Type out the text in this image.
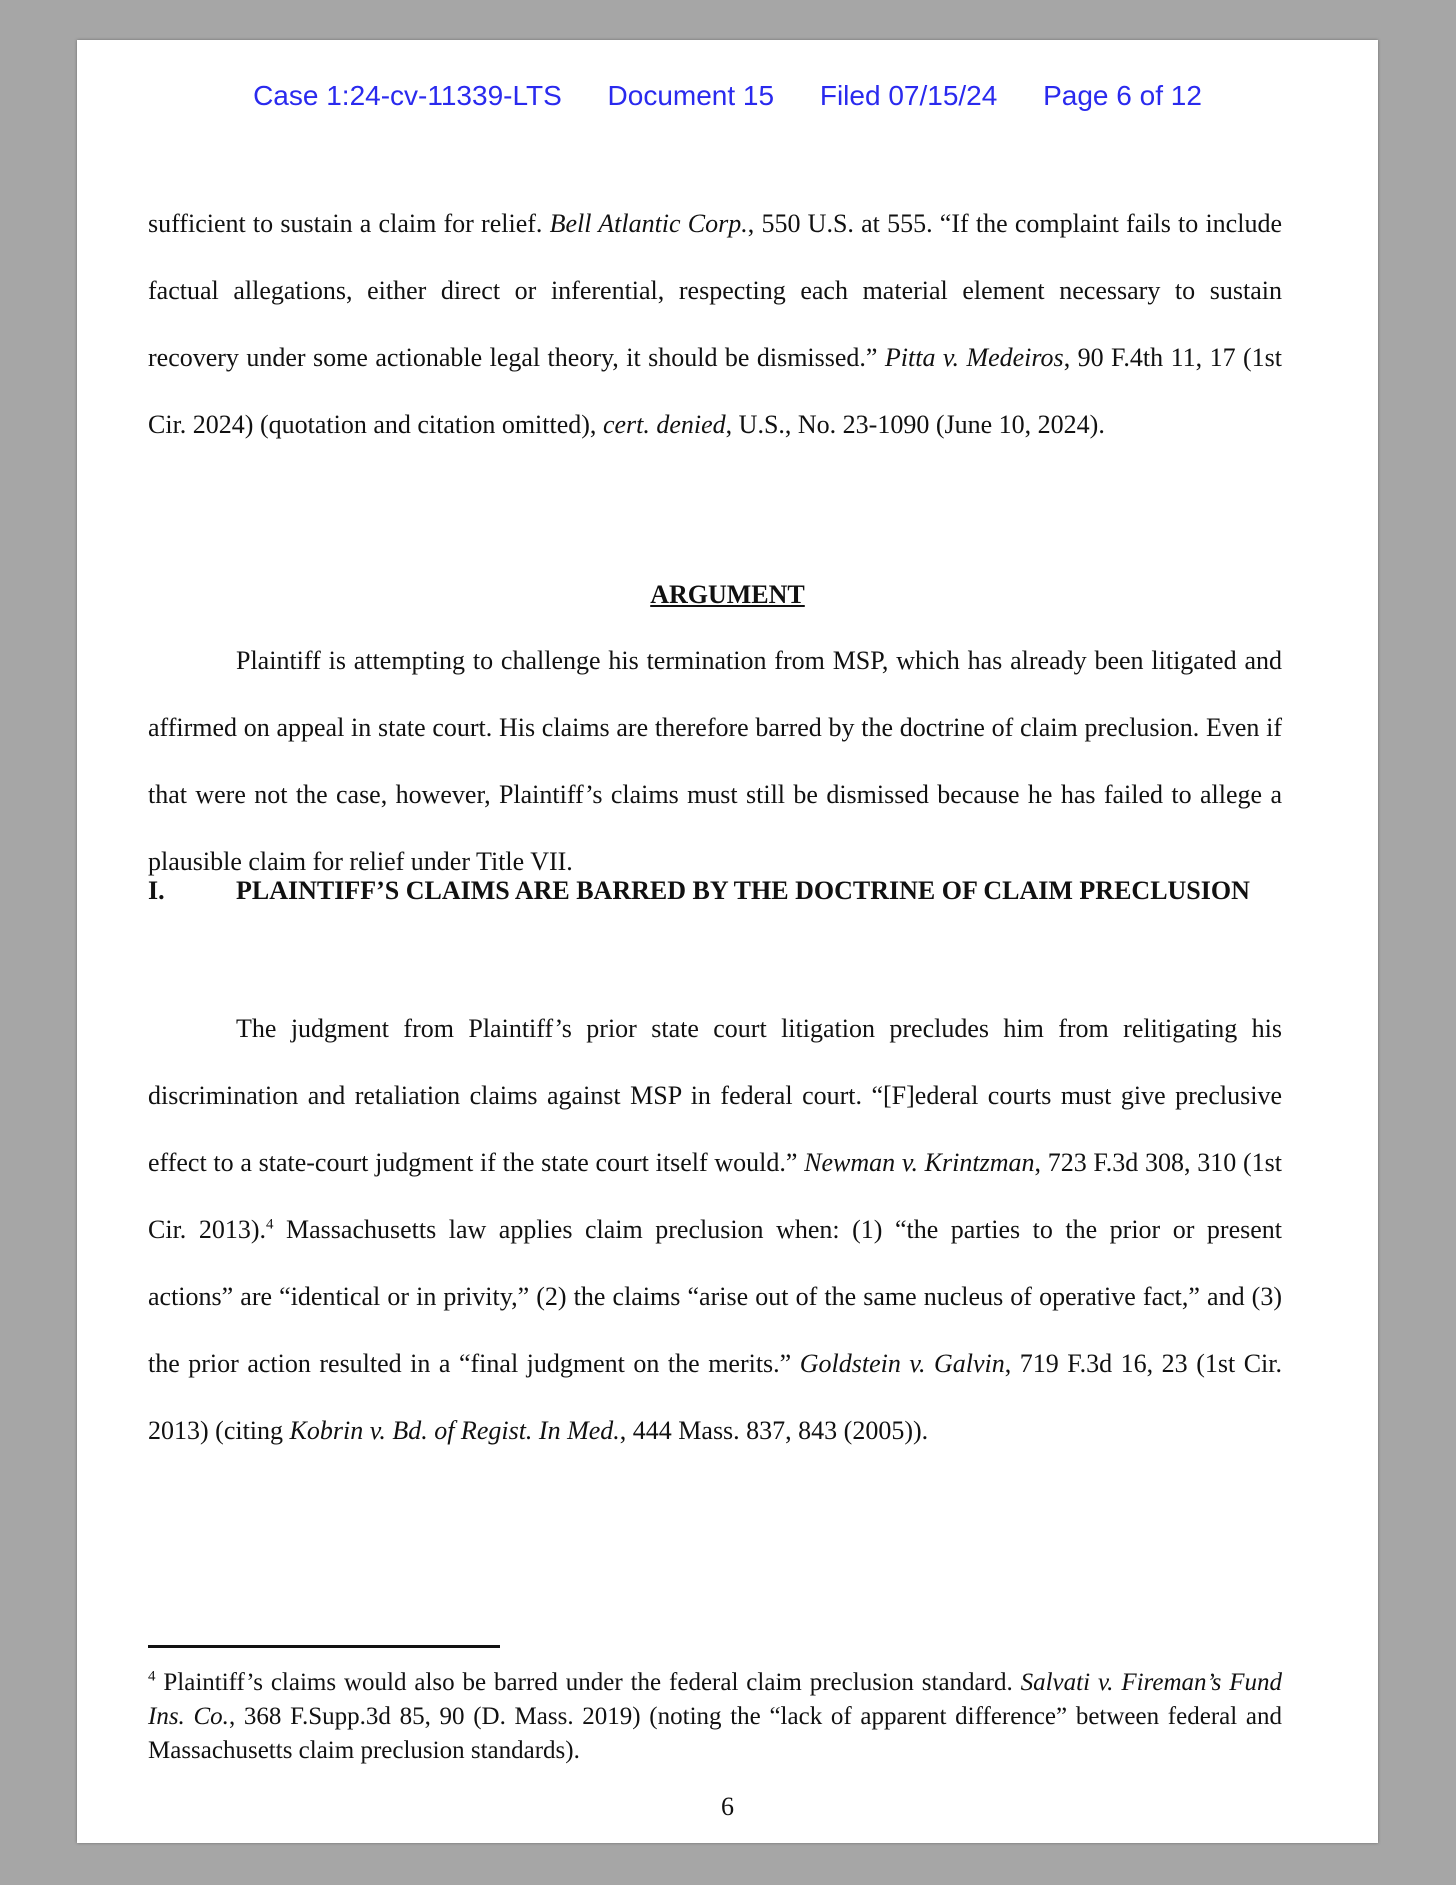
Case 1:24-cv-11339-LTS Document 15 Filed 07/15/24 Page 6 of 12
sufficient to sustain a claim for relief. Bell Atlantic Corp., 550 U.S. at 555. “If the complaint fails to include factual allegations, either direct or inferential, respecting each material element necessary to sustain recovery under some actionable legal theory, it should be dismissed.” Pitta v. Medeiros, 90 F.4th 11, 17 (1st Cir. 2024) (quotation and citation omitted), cert. denied, U.S., No. 23-1090 (June 10, 2024).
ARGUMENT
Plaintiff is attempting to challenge his termination from MSP, which has already been litigated and affirmed on appeal in state court. His claims are therefore barred by the doctrine of claim preclusion. Even if that were not the case, however, Plaintiff’s claims must still be dismissed because he has failed to allege a plausible claim for relief under Title VII.
I.	PLAINTIFF’S CLAIMS ARE BARRED BY THE DOCTRINE OF CLAIM PRECLUSION
The judgment from Plaintiff’s prior state court litigation precludes him from relitigating his discrimination and retaliation claims against MSP in federal court. “[F]ederal courts must give preclusive effect to a state-court judgment if the state court itself would.” Newman v. Krintzman, 723 F.3d 308, 310 (1st Cir. 2013).$^4$ Massachusetts law applies claim preclusion when: (1) “the parties to the prior or present actions” are “identical or in privity,” (2) the claims “arise out of the same nucleus of operative fact,” and (3) the prior action resulted in a “final judgment on the merits.” Goldstein v. Galvin, 719 F.3d 16, 23 (1st Cir. 2013) (citing Kobrin v. Bd. of Regist. In Med., 444 Mass. 837, 843 (2005)).
$^4$ Plaintiff’s claims would also be barred under the federal claim preclusion standard. Salvati v. Fireman’s Fund Ins. Co., 368 F.Supp.3d 85, 90 (D. Mass. 2019) (noting the “lack of apparent difference” between federal and Massachusetts claim preclusion standards).
6
